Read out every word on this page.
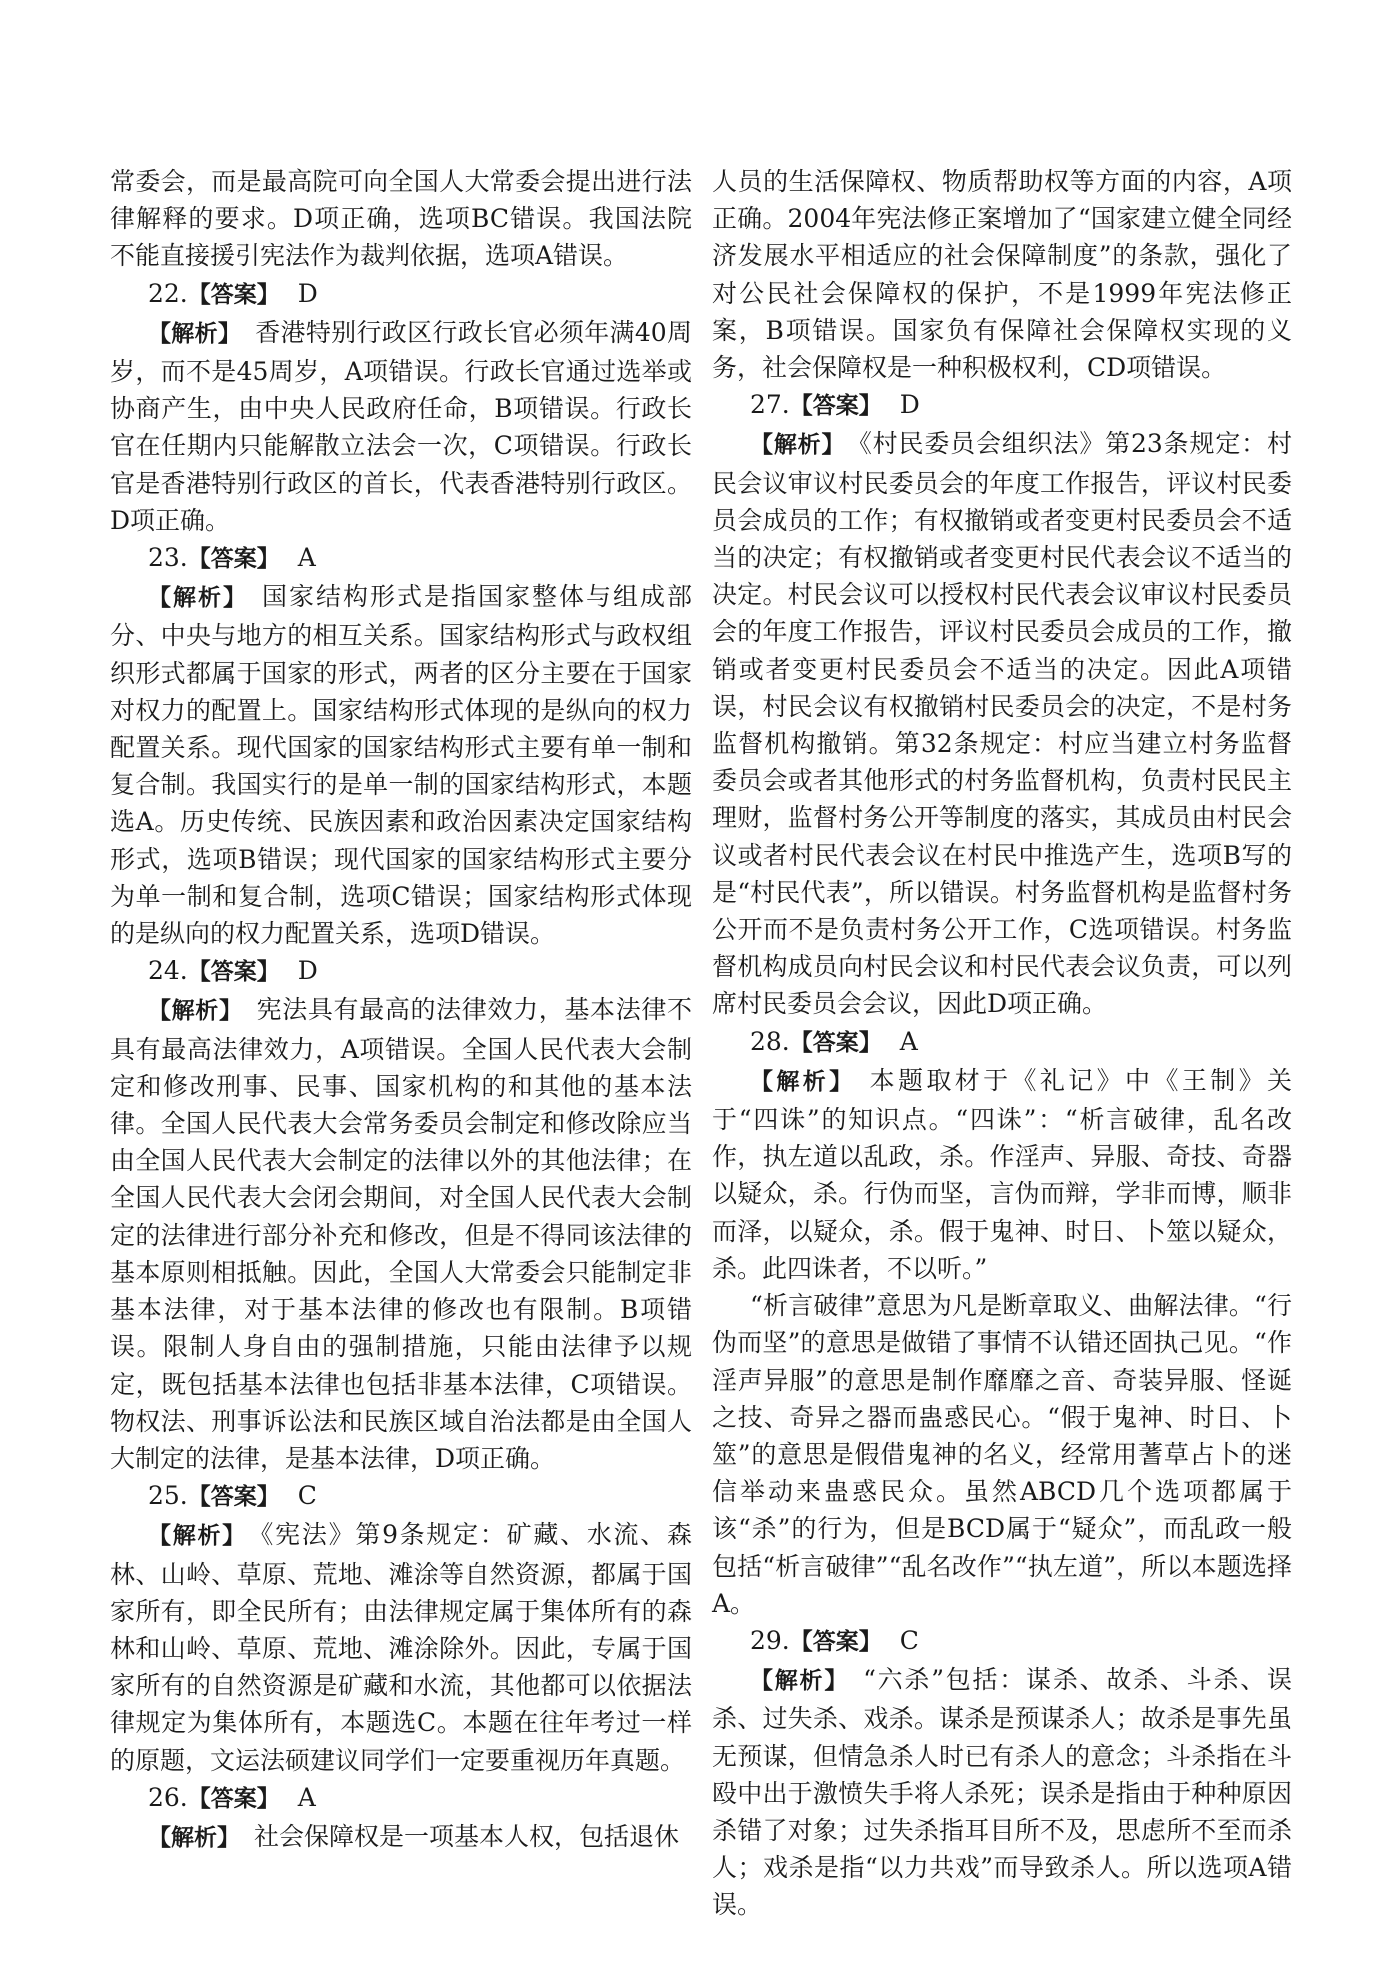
常委会，而是最高院可向全国人大常委会提出进行法律解释的要求。D项正确，选项BC错误。我国法院不能直接援引宪法作为裁判依据，选项A错误。

22.【答案】 D

【解析】 香港特别行政区行政长官必须年满40周岁，而不是45周岁，A项错误。行政长官通过选举或协商产生，由中央人民政府任命，B项错误。行政长官在任期内只能解散立法会一次，C项错误。行政长官是香港特别行政区的首长，代表香港特别行政区。D项正确。

23.【答案】 A

【解析】 国家结构形式是指国家整体与组成部分、中央与地方的相互关系。国家结构形式与政权组织形式都属于国家的形式，两者的区分主要在于国家对权力的配置上。国家结构形式体现的是纵向的权力配置关系。现代国家的国家结构形式主要有单一制和复合制。我国实行的是单一制的国家结构形式，本题选A。历史传统、民族因素和政治因素决定国家结构形式，选项B错误；现代国家的国家结构形式主要分为单一制和复合制，选项C错误；国家结构形式体现的是纵向的权力配置关系，选项D错误。

24.【答案】 D

【解析】 宪法具有最高的法律效力，基本法律不具有最高法律效力，A项错误。全国人民代表大会制定和修改刑事、民事、国家机构的和其他的基本法律。全国人民代表大会常务委员会制定和修改除应当由全国人民代表大会制定的法律以外的其他法律；在全国人民代表大会闭会期间，对全国人民代表大会制定的法律进行部分补充和修改，但是不得同该法律的基本原则相抵触。因此，全国人大常委会只能制定非基本法律，对于基本法律的修改也有限制。B项错误。限制人身自由的强制措施，只能由法律予以规定，既包括基本法律也包括非基本法律，C项错误。物权法、刑事诉讼法和民族区域自治法都是由全国人大制定的法律，是基本法律，D项正确。

25.【答案】 C

【解析】 《宪法》第9条规定：矿藏、水流、森林、山岭、草原、荒地、滩涂等自然资源，都属于国家所有，即全民所有；由法律规定属于集体所有的森林和山岭、草原、荒地、滩涂除外。因此，专属于国家所有的自然资源是矿藏和水流，其他都可以依据法律规定为集体所有，本题选C。本题在往年考过一样的原题，文运法硕建议同学们一定要重视历年真题。

26.【答案】 A

【解析】 社会保障权是一项基本人权，包括退休

人员的生活保障权、物质帮助权等方面的内容，A项正确。2004年宪法修正案增加了“国家建立健全同经济发展水平相适应的社会保障制度”的条款，强化了对公民社会保障权的保护，不是1999年宪法修正案，B项错误。国家负有保障社会保障权实现的义务，社会保障权是一种积极权利，CD项错误。

27.【答案】 D

【解析】 《村民委员会组织法》第23条规定：村民会议审议村民委员会的年度工作报告，评议村民委员会成员的工作；有权撤销或者变更村民委员会不适当的决定；有权撤销或者变更村民代表会议不适当的决定。村民会议可以授权村民代表会议审议村民委员会的年度工作报告，评议村民委员会成员的工作，撤销或者变更村民委员会不适当的决定。因此A项错误，村民会议有权撤销村民委员会的决定，不是村务监督机构撤销。第32条规定：村应当建立村务监督委员会或者其他形式的村务监督机构，负责村民民主理财，监督村务公开等制度的落实，其成员由村民会议或者村民代表会议在村民中推选产生，选项B写的是“村民代表”，所以错误。村务监督机构是监督村务公开而不是负责村务公开工作，C选项错误。村务监督机构成员向村民会议和村民代表会议负责，可以列席村民委员会会议，因此D项正确。

28.【答案】 A

【解析】 本题取材于《礼记》中《王制》关于“四诛”的知识点。“四诛”：“析言破律，乱名改作，执左道以乱政，杀。作淫声、异服、奇技、奇器以疑众，杀。行伪而坚，言伪而辩，学非而博，顺非而泽，以疑众，杀。假于鬼神、时日、卜筮以疑众，杀。此四诛者，不以听。”

“析言破律”意思为凡是断章取义、曲解法律。“行伪而坚”的意思是做错了事情不认错还固执己见。“作淫声异服”的意思是制作靡靡之音、奇装异服、怪诞之技、奇异之器而蛊惑民心。“假于鬼神、时日、卜筮”的意思是假借鬼神的名义，经常用蓍草占卜的迷信举动来蛊惑民众。虽然ABCD几个选项都属于该“杀”的行为，但是BCD属于“疑众”，而乱政一般包括“析言破律”“乱名改作”“执左道”，所以本题选择A。

29.【答案】 C

【解析】 “六杀”包括：谋杀、故杀、斗杀、误杀、过失杀、戏杀。谋杀是预谋杀人；故杀是事先虽无预谋，但情急杀人时已有杀人的意念；斗杀指在斗殴中出于激愤失手将人杀死；误杀是指由于种种原因杀错了对象；过失杀指耳目所不及，思虑所不至而杀人；戏杀是指“以力共戏”而导致杀人。所以选项A错误。
